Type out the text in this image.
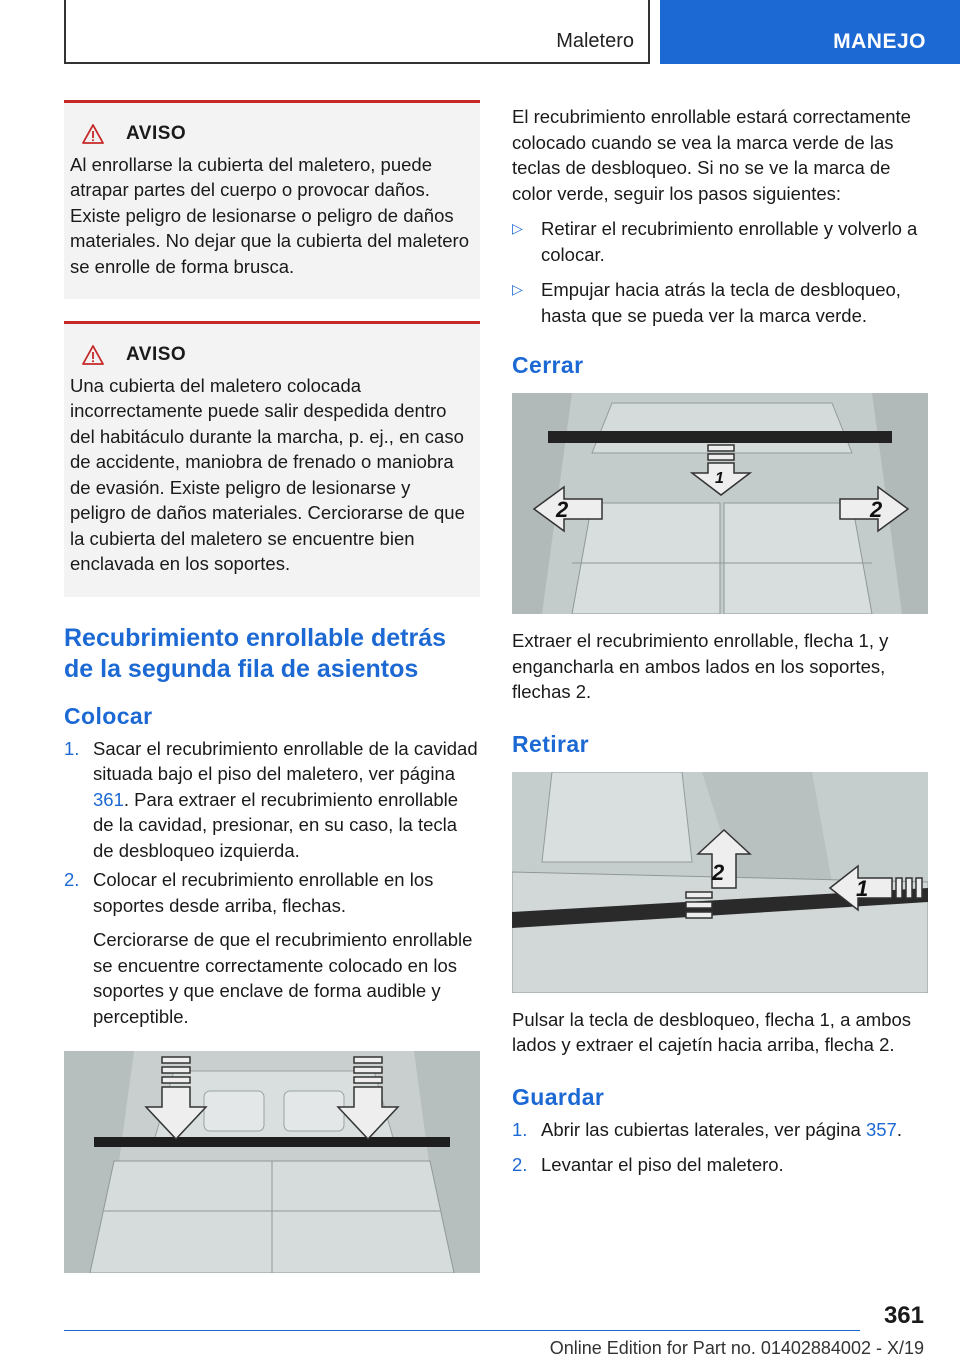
Maletero	MANEJO
AVISO

Al enrollarse la cubierta del maletero, puede atrapar partes del cuerpo o provocar daños. Existe peligro de lesionarse o peligro de daños materiales. No dejar que la cubierta del maletero se enrolle de forma brusca.

AVISO

Una cubierta del maletero colocada incorrectamente puede salir despedida dentro del habitáculo durante la marcha, p. ej., en caso de accidente, maniobra de frenado o maniobra de evasión. Existe peligro de lesionarse y peligro de daños materiales. Cerciorarse de que la cubierta del maletero se encuentre bien enclavada en los soportes.

Recubrimiento enrollable detrás de la segunda fila de asientos
Colocar
1. Sacar el recubrimiento enrollable de la cavidad situada bajo el piso del maletero, ver página 361. Para extraer el recubrimiento enrollable de la cavidad, presionar, en su caso, la tecla de desbloqueo izquierda.

2. Colocar el recubrimiento enrollable en los soportes desde arriba, flechas.

Cerciorarse de que el recubrimiento enrollable se encuentre correctamente colocado en los soportes y que enclave de forma audible y perceptible.

El recubrimiento enrollable estará correctamente colocado cuando se vea la marca verde de las teclas de desbloqueo. Si no se ve la marca de color verde, seguir los pasos siguientes:

▷ Retirar el recubrimiento enrollable y volverlo a colocar.
▷ Empujar hacia atrás la tecla de desbloqueo, hasta que se pueda ver la marca verde.
Cerrar
1
2	2

Extraer el recubrimiento enrollable, flecha 1, y engancharla en ambos lados en los soportes, flechas 2.

Retirar
2
1

Pulsar la tecla de desbloqueo, flecha 1, a ambos lados y extraer el cajetín hacia arriba, flecha 2.

Guardar
1. Abrir las cubiertas laterales, ver página 357.

2. Levantar el piso del maletero.

361
Online Edition for Part no. 01402884002 - X/19
